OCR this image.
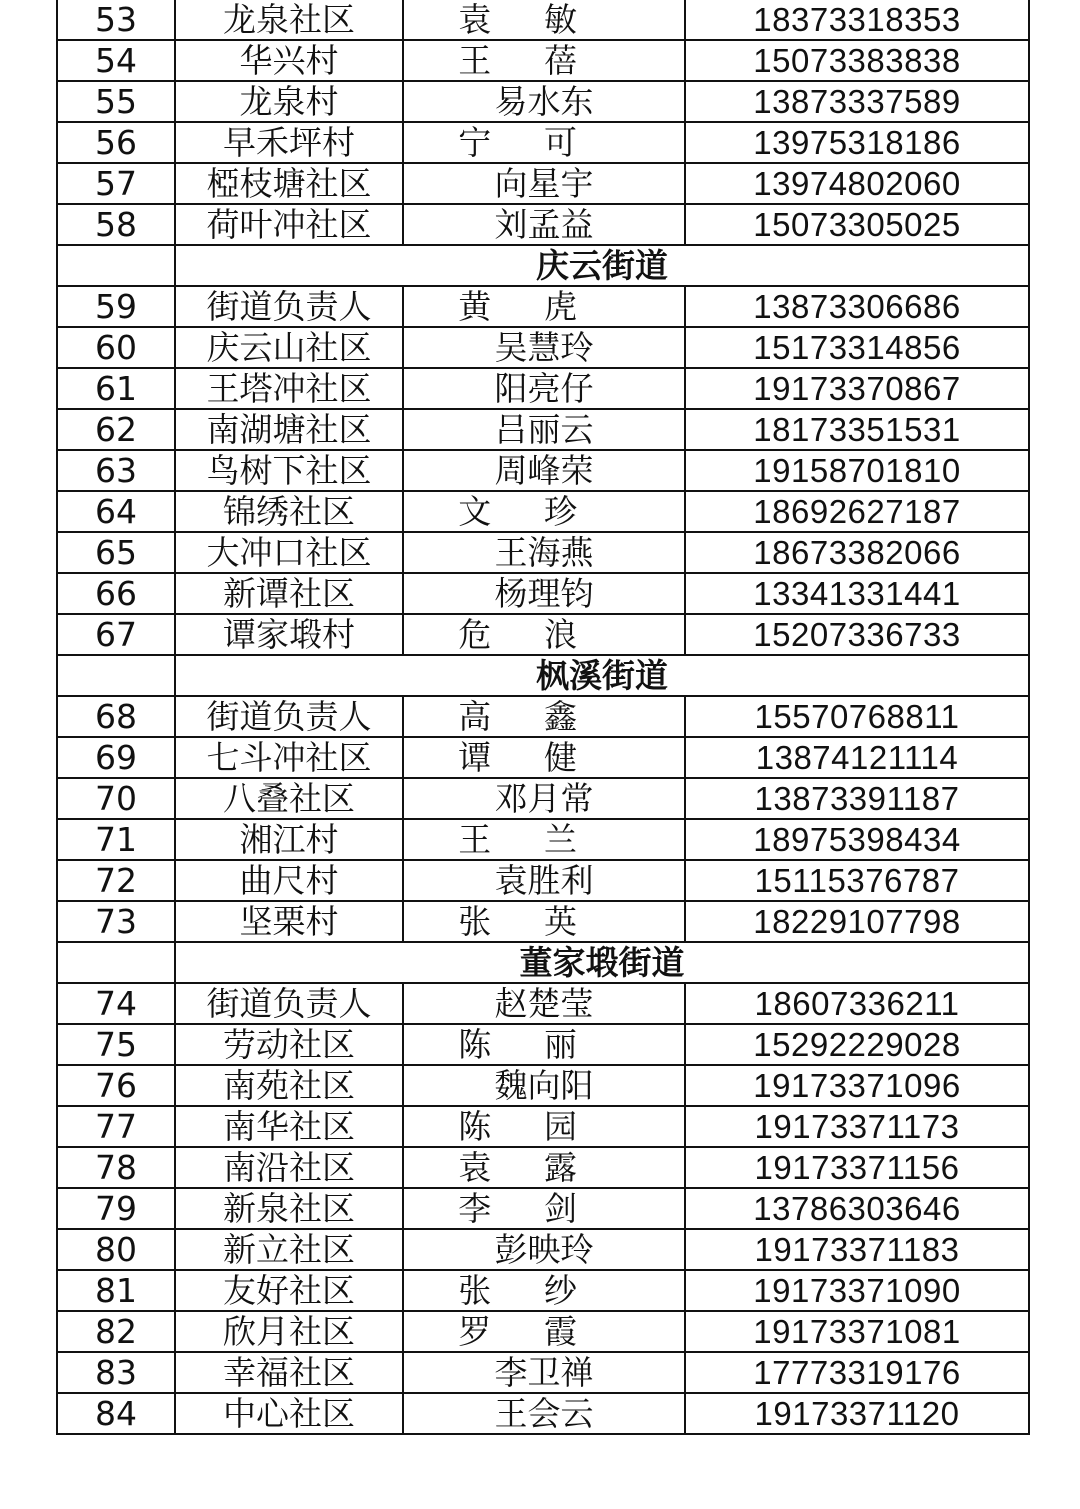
53	龙泉社区	袁敏	18373318353
54	华兴村	王蓓	15073383838
55	龙泉村	易水东	13873337589
56	早禾坪村	宁可	13975318186
57	椏枝塘社区	向星宇	13974802060
58	荷叶冲社区	刘孟益	15073305025
	庆云街道		
59	街道负责人	黄虎	13873306686
60	庆云山社区	吴慧玲	15173314856
61	王塔冲社区	阳亮仔	19173370867
62	南湖塘社区	吕丽云	18173351531
63	鸟树下社区	周峰荣	19158701810
64	锦绣社区	文珍	18692627187
65	大冲口社区	王海燕	18673382066
66	新谭社区	杨理钧	13341331441
67	谭家塅村	危浪	15207336733
	枫溪街道		
68	街道负责人	高鑫	15570768811
69	七斗冲社区	谭健	13874121114
70	八叠社区	邓月常	13873391187
71	湘江村	王兰	18975398434
72	曲尺村	袁胜利	15115376787
73	坚栗村	张英	18229107798
	董家塅街道		
74	街道负责人	赵楚莹	18607336211
75	劳动社区	陈丽	15292229028
76	南苑社区	魏向阳	19173371096
77	南华社区	陈园	19173371173
78	南沿社区	袁露	19173371156
79	新泉社区	李剑	13786303646
80	新立社区	彭映玲	19173371183
81	友好社区	张纱	19173371090
82	欣月社区	罗霞	19173371081
83	幸福社区	李卫禅	17773319176
84	中心社区	王会云	19173371120
